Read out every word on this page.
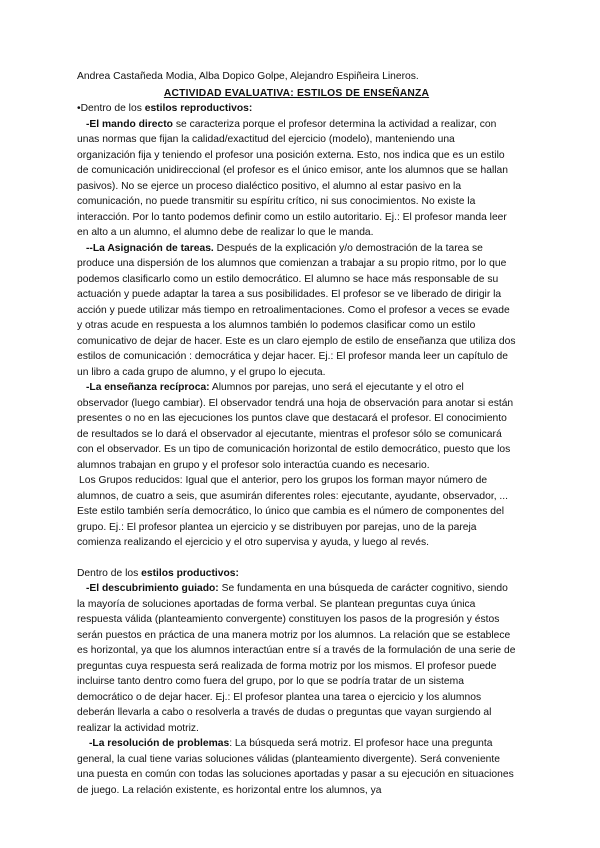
Andrea Castañeda Modia, Alba Dopico Golpe, Alejandro Espiñeira Lineros.

ACTIVIDAD EVALUATIVA: ESTILOS DE ENSEÑANZA

•Dentro de los estilos reproductivos:

-El mando directo se caracteriza porque el profesor determina la actividad a realizar, con unas normas que fijan la calidad/exactitud del ejercicio (modelo), manteniendo una organización fija y teniendo el profesor una posición externa. Esto, nos indica que es un estilo de comunicación unidireccional (el profesor es el único emisor, ante los alumnos que se hallan pasivos). No se ejerce un proceso dialéctico positivo, el alumno al estar pasivo en la comunicación, no puede transmitir su espíritu crítico, ni sus conocimientos. No existe la interacción. Por lo tanto podemos definir como un estilo autoritario. Ej.: El profesor manda leer en alto a un alumno, el alumno debe de realizar lo que le manda.

--La Asignación de tareas. Después de la explicación y/o demostración de la tarea se produce una dispersión de los alumnos que comienzan a trabajar a su propio ritmo, por lo que podemos clasificarlo como un estilo democrático. El alumno se hace más responsable de su actuación y puede adaptar la tarea a sus posibilidades. El profesor se ve liberado de dirigir la acción y puede utilizar más tiempo en retroalimentaciones. Como el profesor a veces se evade y otras acude en respuesta a los alumnos también lo podemos clasificar como un estilo comunicativo de dejar de hacer. Este es un claro ejemplo de estilo de enseñanza que utiliza dos estilos de comunicación : democrática y dejar hacer. Ej.: El profesor manda leer un capítulo de un libro a cada grupo de alumno, y el grupo lo ejecuta.

-La enseñanza recíproca: Alumnos por parejas, uno será el ejecutante y el otro el observador (luego cambiar). El observador tendrá una hoja de observación para anotar si están presentes o no en las ejecuciones los puntos clave que destacará el profesor. El conocimiento de resultados se lo dará el observador al ejecutante, mientras el profesor sólo se comunicará con el observador. Es un tipo de comunicación horizontal de estilo democrático, puesto que los alumnos trabajan en grupo y el profesor solo interactúa cuando es necesario.

Los Grupos reducidos: Igual que el anterior, pero los grupos los forman mayor número de alumnos, de cuatro a seis, que asumirán diferentes roles: ejecutante, ayudante, observador, ... Este estilo también sería democrático, lo único que cambia es el número de componentes del grupo. Ej.: El profesor plantea un ejercicio y se distribuyen por parejas, uno de la pareja comienza realizando el ejercicio y el otro supervisa y ayuda, y luego al revés.

Dentro de los estilos productivos:

-El descubrimiento guiado: Se fundamenta en una búsqueda de carácter cognitivo, siendo la mayoría de soluciones aportadas de forma verbal. Se plantean preguntas cuya única respuesta válida (planteamiento convergente) constituyen los pasos de la progresión y éstos serán puestos en práctica de una manera motriz por los alumnos. La relación que se establece es horizontal, ya que los alumnos interactúan entre sí a través de la formulación de una serie de preguntas cuya respuesta será realizada de forma motriz por los mismos. El profesor puede incluirse tanto dentro como fuera del grupo, por lo que se podría tratar de un sistema democrático o de dejar hacer. Ej.: El profesor plantea una tarea o ejercicio y los alumnos deberán llevarla a cabo o resolverla a través de dudas o preguntas que vayan surgiendo al realizar la actividad motriz.

-La resolución de problemas: La búsqueda será motriz. El profesor hace una pregunta general, la cual tiene varias soluciones válidas (planteamiento divergente). Será conveniente una puesta en común con todas las soluciones aportadas y pasar a su ejecución en situaciones de juego. La relación existente, es horizontal entre los alumnos, ya
